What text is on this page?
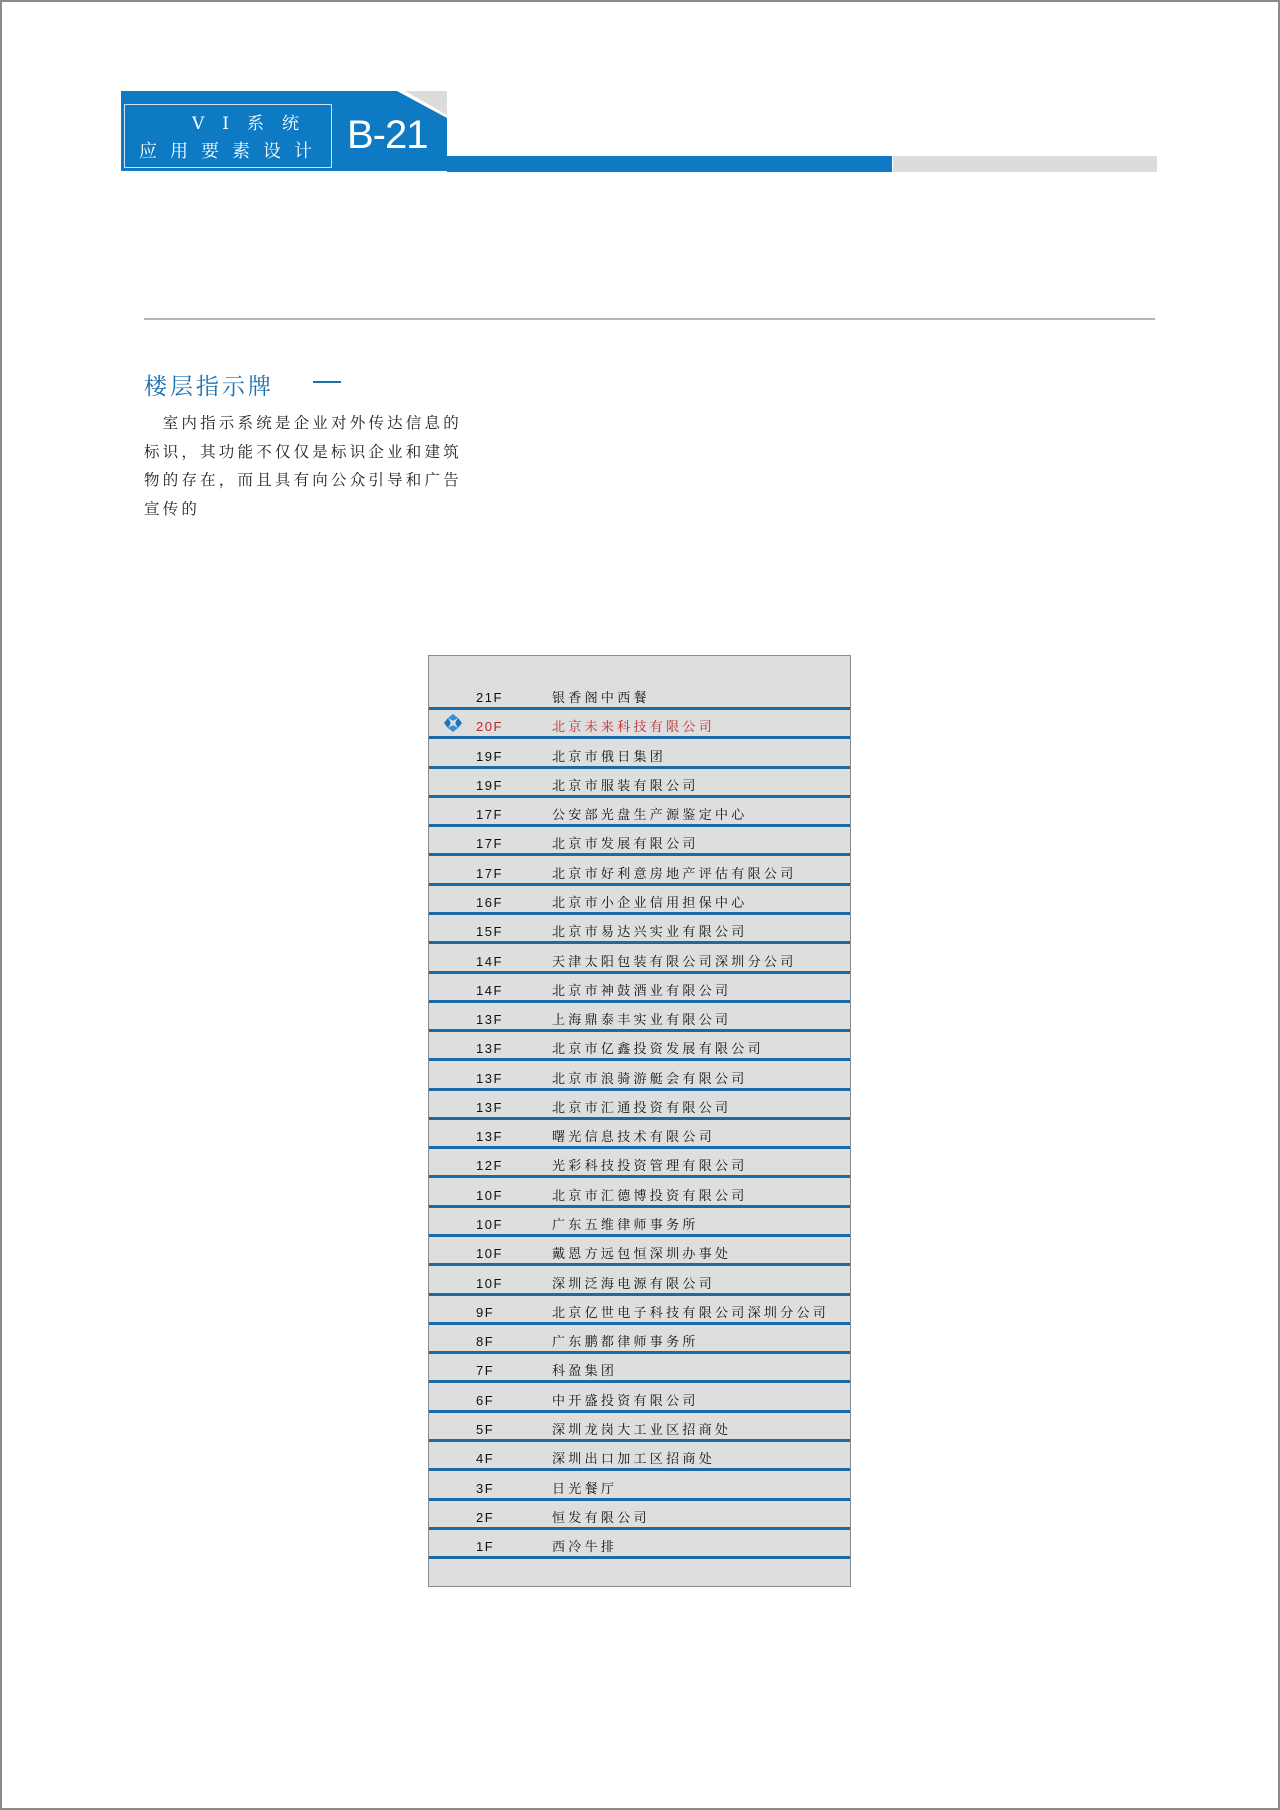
VI系统
应用要素设计 B-21
楼层指示牌
　室内指示系统是企业对外传达信息的标识，其功能不仅仅是标识企业和建筑物的存在，而且具有向公众引导和广告宣传的
21F	银香阁中西餐
20F	北京未来科技有限公司
19F	北京市俄日集团
19F	北京市服装有限公司
17F	公安部光盘生产源鉴定中心
17F	北京市发展有限公司
17F	北京市好利意房地产评估有限公司
16F	北京市小企业信用担保中心
15F	北京市易达兴实业有限公司
14F	天津太阳包装有限公司深圳分公司
14F	北京市神鼓酒业有限公司
13F	上海鼎泰丰实业有限公司
13F	北京市亿鑫投资发展有限公司
13F	北京市浪骑游艇会有限公司
13F	北京市汇通投资有限公司
13F	曙光信息技术有限公司
12F	光彩科技投资管理有限公司
10F	北京市汇德博投资有限公司
10F	广东五维律师事务所
10F	戴恩方远包恒深圳办事处
10F	深圳泛海电源有限公司
9F	北京亿世电子科技有限公司深圳分公司
8F	广东鹏都律师事务所
7F	科盈集团
6F	中开盛投资有限公司
5F	深圳龙岗大工业区招商处
4F	深圳出口加工区招商处
3F	日光餐厅
2F	恒发有限公司
1F	西冷牛排
